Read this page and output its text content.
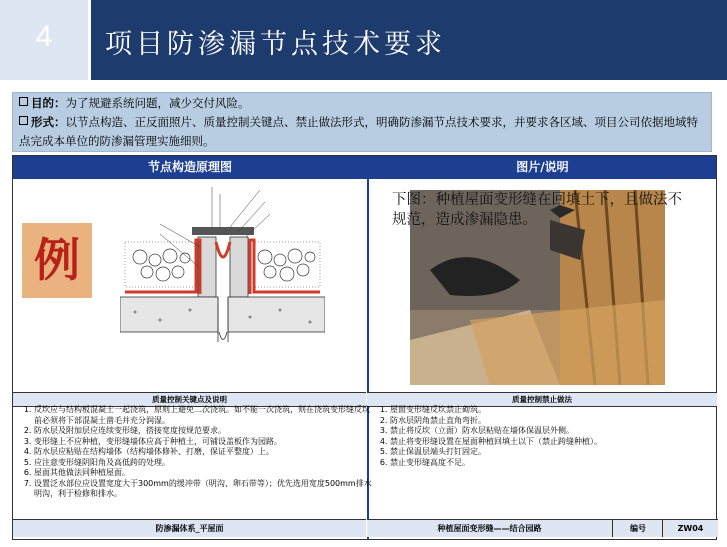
4	项目防渗漏节点技术要求
目的：为了规避系统问题，减少交付风险。
形式：以节点构造、正反面照片、质量控制关键点、禁止做法形式，明确防渗漏节点技术要求，并要求各区域、项目公司依据地域特点完成本单位的防渗漏管理实施细则。
节点构造原理图	图片/说明
例
下图：种植屋面变形缝在回填土下，且做法不规范，造成渗漏隐患。
质量控制关键点及说明	质量控制禁止做法
1. 反坎应与结构板混凝土一起浇筑，原则上避免二次浇筑。如不能一次浇筑，则在浇筑变形缝反坎前必须将下部混凝土凿毛并充分润湿。
2. 防水层及附加层应连续变形缝，搭接宽度按规范要求。
3. 变形缝上不应种植，变形缝墙体应高于种植土，可铺设盖板作为园路。
4. 防水层应粘贴在结构墙体（结构墙体修补、打磨，保证平整度）上。
5. 应注意变形缝阴阳角及高低跨的处理。
6. 屋面其他做法同种植屋面。
7. 设置泛水部位应设置宽度大于300mm的缓冲带（明沟、卵石带等）；优先选用宽度500mm排水明沟，利于检修和排水。
1. 屋面变形缝反坎禁止砌筑。
2. 防水层阴角禁止直角弯折。
3. 禁止将反坎（立面）防水层粘贴在墙体保温层外侧。
4. 禁止将变形缝设置在屋面种植回填土以下（禁止跨缝种植）。
5. 禁止保温层端头打钉固定。
6. 禁止变形缝高度不足。
防渗漏体系_平屋面	种植屋面变形缝——结合园路	编号	ZW04
